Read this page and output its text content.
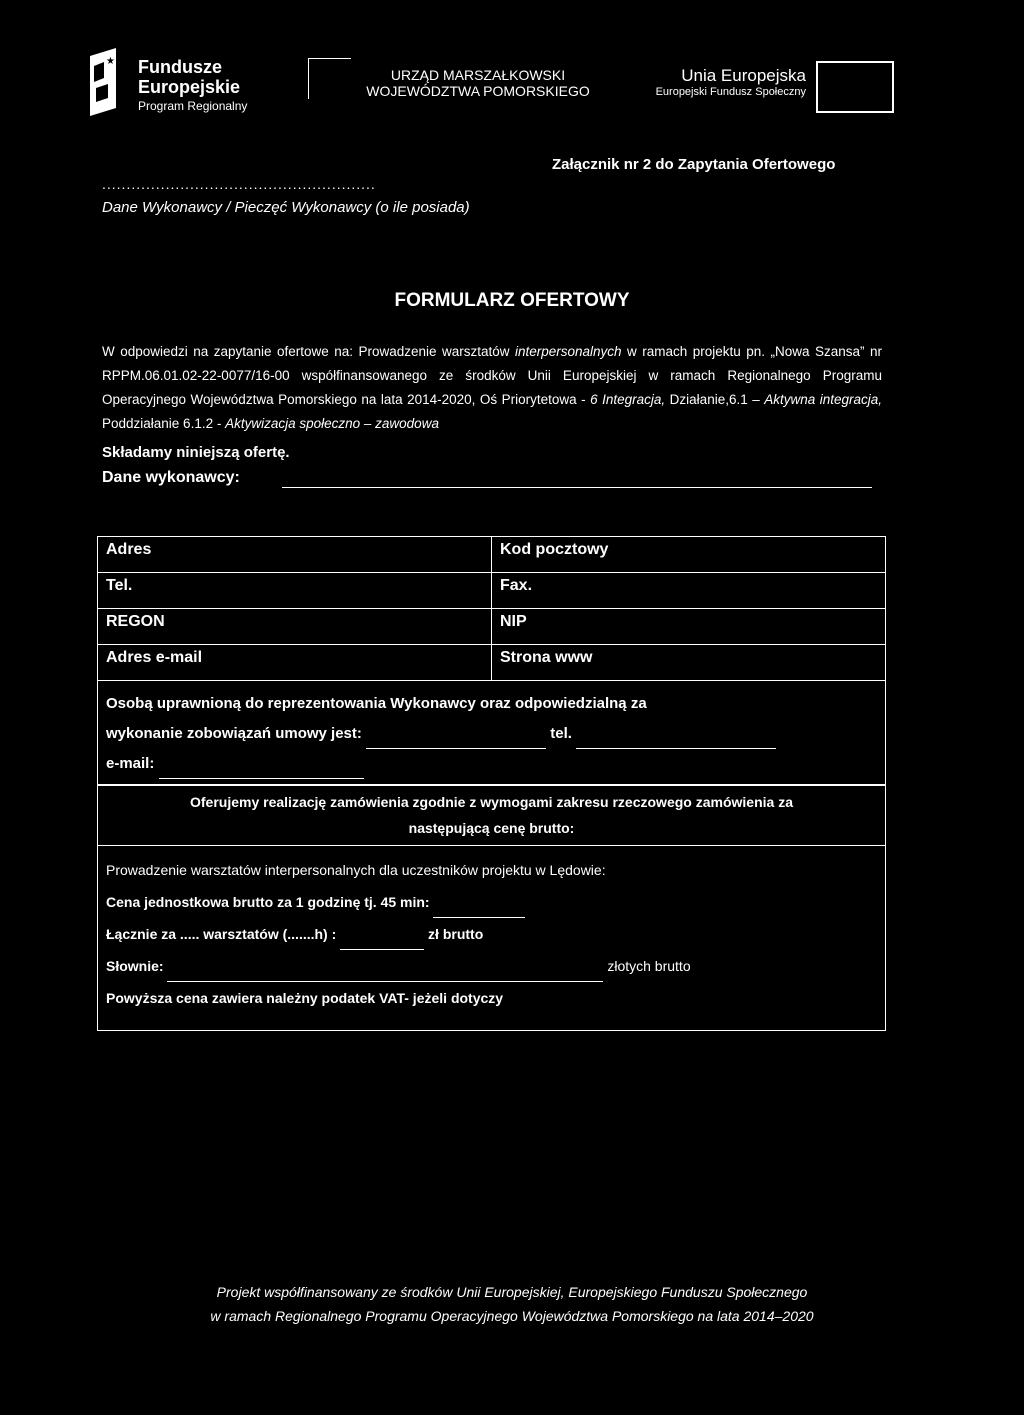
★ Fundusze
Europejskie
Program Regionalny
URZĄD MARSZAŁKOWSKI
WOJEWÓDZTWA POMORSKIEGO
Unia Europejska
Europejski Fundusz Społeczny
Załącznik nr 2 do Zapytania Ofertowego
........................................................
Dane Wykonawcy / Pieczęć Wykonawcy (o ile posiada)
FORMULARZ OFERTOWY
W odpowiedzi na zapytanie ofertowe na: Prowadzenie warsztatów interpersonalnych w ramach projektu pn. „Nowa Szansa” nr RPPM.06.01.02-22-0077/16-00 współfinansowanego ze środków Unii Europejskiej w ramach Regionalnego Programu Operacyjnego Województwa Pomorskiego na lata 2014-2020, Oś Priorytetowa - 6 Integracja, Działanie,6.1 – Aktywna integracja, Poddziałanie 6.1.2 - Aktywizacja społeczno – zawodowa
Składamy niniejszą ofertę.
Dane wykonawcy:
Adres	Kod pocztowy
Tel.	Fax.
REGON	NIP
Adres e-mail	Strona www
Osobą uprawnioną do reprezentowania Wykonawcy oraz odpowiedzialną za
wykonanie zobowiązań umowy jest:	tel.
e-mail:
Oferujemy realizację zamówienia zgodnie z wymogami zakresu rzeczowego zamówienia za
następującą cenę brutto:
Prowadzenie warsztatów interpersonalnych dla uczestników projektu w Lędowie:
Cena jednostkowa brutto za 1 godzinę tj. 45 min:
Łącznie za ..... warsztatów (.......h) :	zł brutto
Słownie:	złotych brutto
Powyższa cena zawiera należny podatek VAT- jeżeli dotyczy
Projekt współfinansowany ze środków Unii Europejskiej, Europejskiego Funduszu Społecznego
w ramach Regionalnego Programu Operacyjnego Województwa Pomorskiego na lata 2014–2020
